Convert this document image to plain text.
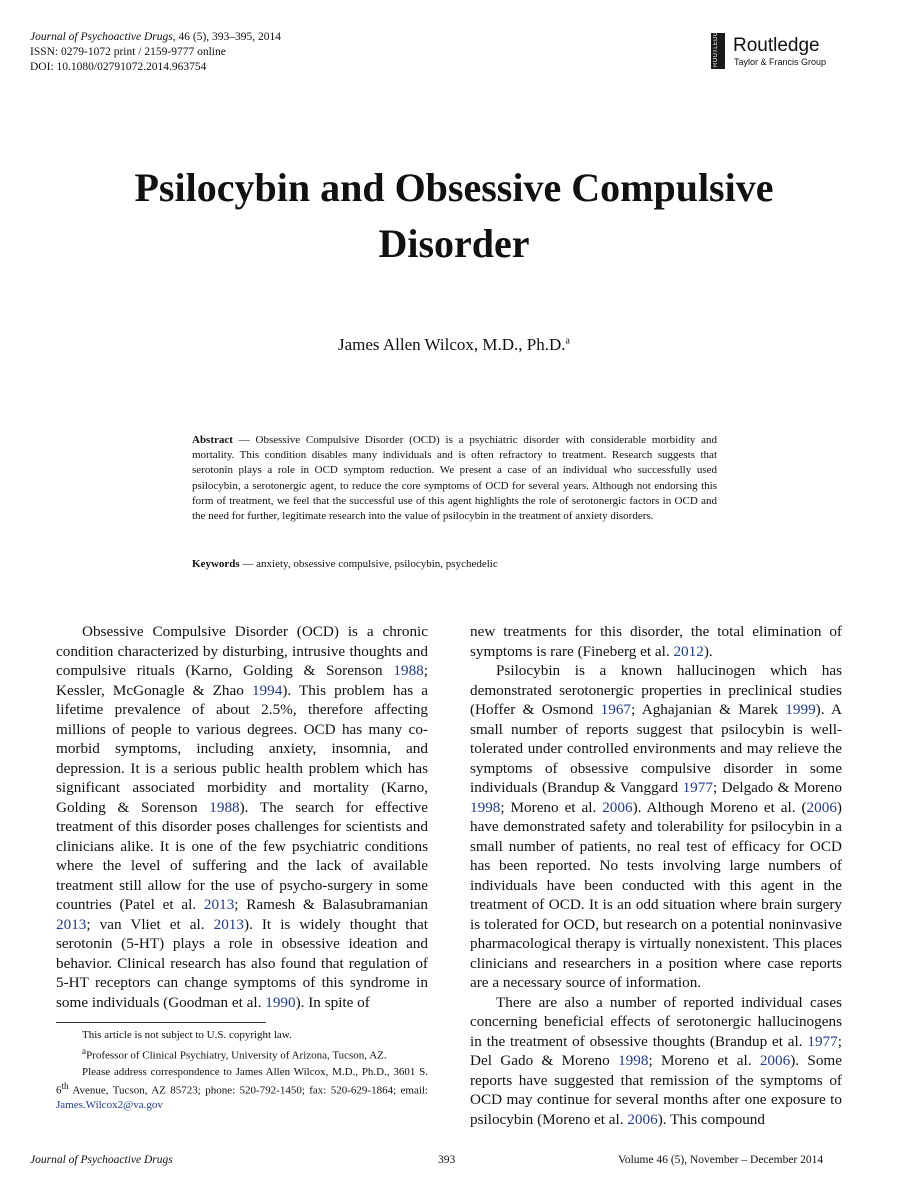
Journal of Psychoactive Drugs, 46 (5), 393–395, 2014
ISSN: 0279-1072 print / 2159-9777 online
DOI: 10.1080/02791072.2014.963754	ROUTLEDGE Routledge
Taylor & Francis Group
Psilocybin and Obsessive Compulsive
Disorder
James Allen Wilcox, M.D., Ph.D.$^a$
Abstract — Obsessive Compulsive Disorder (OCD) is a psychiatric disorder with considerable morbidity and mortality. This condition disables many individuals and is often refractory to treatment. Research suggests that serotonin plays a role in OCD symptom reduction. We present a case of an individual who successfully used psilocybin, a serotonergic agent, to reduce the core symptoms of OCD for several years. Although not endorsing this form of treatment, we feel that the successful use of this agent highlights the role of serotonergic factors in OCD and the need for further, legitimate research into the value of psilocybin in the treatment of anxiety disorders.
Keywords — anxiety, obsessive compulsive, psilocybin, psychedelic

Obsessive Compulsive Disorder (OCD) is a chronic condition characterized by disturbing, intrusive thoughts and compulsive rituals (Karno, Golding & Sorenson 1988; Kessler, McGonagle & Zhao 1994). This problem has a lifetime prevalence of about 2.5%, therefore affecting millions of people to various degrees. OCD has many co-morbid symptoms, including anxiety, insomnia, and depression. It is a serious public health problem which has significant associated morbidity and mortality (Karno, Golding & Sorenson 1988). The search for effective treatment of this disorder poses challenges for scientists and clinicians alike. It is one of the few psychiatric conditions where the level of suffering and the lack of available treatment still allow for the use of psycho-surgery in some countries (Patel et al. 2013; Ramesh & Balasubramanian 2013; van Vliet et al. 2013). It is widely thought that serotonin (5-HT) plays a role in obsessive ideation and behavior. Clinical research has also found that regulation of 5-HT receptors can change symptoms of this syndrome in some individuals (Goodman et al. 1990). In spite of

new treatments for this disorder, the total elimination of symptoms is rare (Fineberg et al. 2012).

Psilocybin is a known hallucinogen which has demonstrated serotonergic properties in preclinical studies (Hoffer & Osmond 1967; Aghajanian & Marek 1999). A small number of reports suggest that psilocybin is well-tolerated under controlled environments and may relieve the symptoms of obsessive compulsive disorder in some individuals (Brandup & Vanggard 1977; Delgado & Moreno 1998; Moreno et al. 2006). Although Moreno et al. (2006) have demonstrated safety and tolerability for psilocybin in a small number of patients, no real test of efficacy for OCD has been reported. No tests involving large numbers of individuals have been conducted with this agent in the treatment of OCD. It is an odd situation where brain surgery is tolerated for OCD, but research on a potential noninvasive pharmacological therapy is virtually nonexistent. This places clinicians and researchers in a position where case reports are a necessary source of information.

There are also a number of reported individual cases concerning beneficial effects of serotonergic hallucinogens in the treatment of obsessive thoughts (Brandup et al. 1977; Del Gado & Moreno 1998; Moreno et al. 2006). Some reports have suggested that remission of the symptoms of OCD may continue for several months after one exposure to psilocybin (Moreno et al. 2006). This compound

This article is not subject to U.S. copyright law.

$^a$Professor of Clinical Psychiatry, University of Arizona, Tucson, AZ.

Please address correspondence to James Allen Wilcox, M.D., Ph.D., 3601 S. 6th Avenue, Tucson, AZ 85723; phone: 520-792-1450; fax: 520-629-1864; email: James.Wilcox2@va.gov

Journal of Psychoactive Drugs	393	Volume 46 (5), November – December 2014
